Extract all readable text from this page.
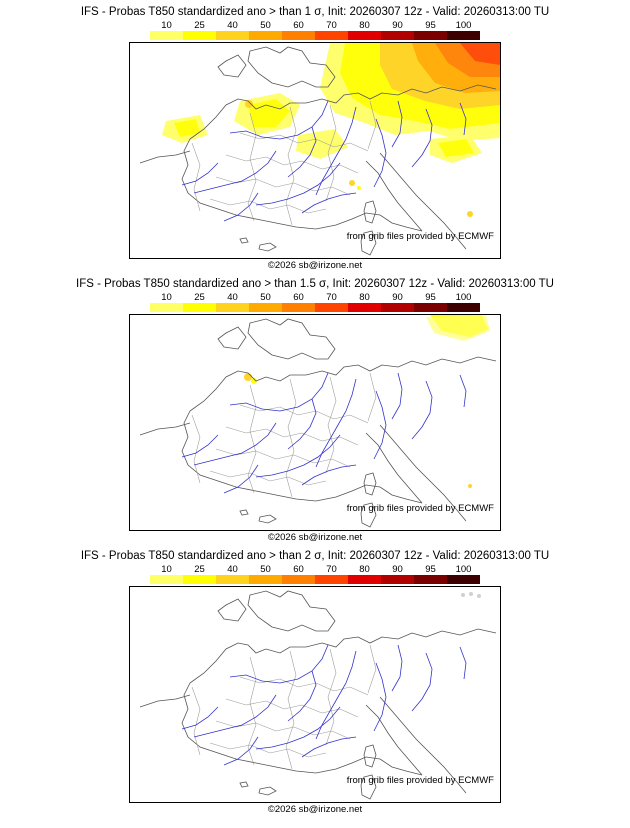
IFS - Probas T850 standardized ano > than 1 σ, Init: 20260307 12z - Valid: 20260313:00 TU
10 25 40 50 60 70 80 90 95 100
from grib files provided by ECMWF
©2026 sb@irizone.net
IFS - Probas T850 standardized ano > than 1.5 σ, Init: 20260307 12z - Valid: 20260313:00 TU
10 25 40 50 60 70 80 90 95 100
from grib files provided by ECMWF
©2026 sb@irizone.net
IFS - Probas T850 standardized ano > than 2 σ, Init: 20260307 12z - Valid: 20260313:00 TU
10 25 40 50 60 70 80 90 95 100
from grib files provided by ECMWF
©2026 sb@irizone.net
